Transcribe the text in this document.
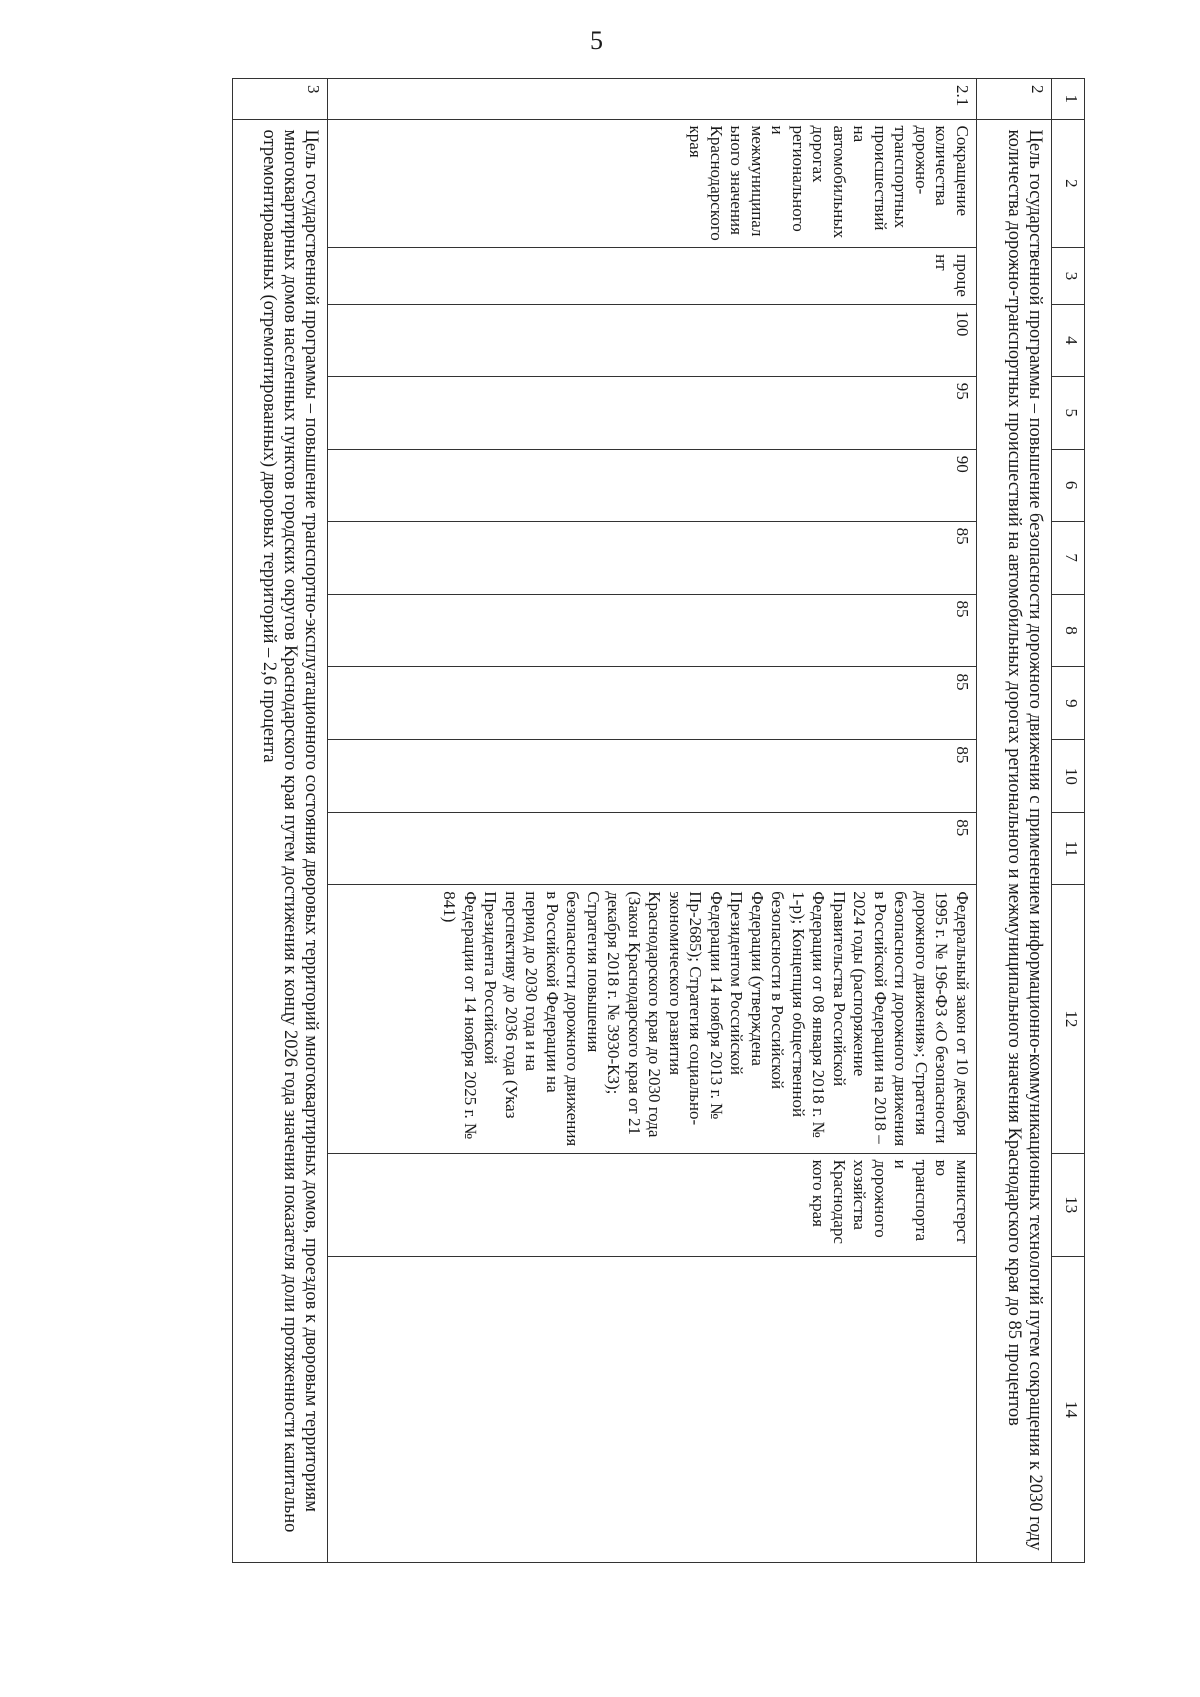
5
1	2	3	4	5	6	7	8	9	10	11	12	13	14
2	Цель государственной программы – повышение безопасности дорожного движения с применением информационно-коммуникационных технологий путем сокращения к 2030 году количества дорожно-транспортных происшествий на автомобильных дорогах регионального и межмуниципального значения Краснодарского края до 85 процентов												
2.1	Сокращение количества дорожно-транспортных происшествий на автомобильных дорогах регионального и межмуниципального значения Краснодарского края	процент	100	95	90	85	85	85	85	85	Федеральный закон от 10 декабря 1995 г. № 196-ФЗ «О безопасности дорожного движения»; Стратегия безопасности дорожного движения в Российской Федерации на 2018 – 2024 годы (распоряжение Правительства Российской Федерации от 08 января 2018 г. № 1-р); Концепция общественной безопасности в Российской Федерации (утверждена Президентом Российской Федерации 14 ноября 2013 г. № Пр-2685); Стратегия социально-экономического развития Краснодарского края до 2030 года (Закон Краснодарского края от 21 декабря 2018 г. № 3930-КЗ); Стратегия повышения безопасности дорожного движения в Российской Федерации на период до 2030 года и на перспективу до 2036 года (Указ Президента Российской Федерации от 14 ноября 2025 г. № 841)	министерство транспорта и дорожного хозяйства Краснодарского края	
3	Цель государственной программы – повышение транспортно-эксплуатационного состояния дворовых территорий многоквартирных домов, проездов к дворовым территориям многоквартирных домов населенных пунктов городских округов Краснодарского края путем достижения к концу 2026 года значения показателя доли протяженности капитально отремонтированных (отремонтированных) дворовых территорий – 2,6 процента												
